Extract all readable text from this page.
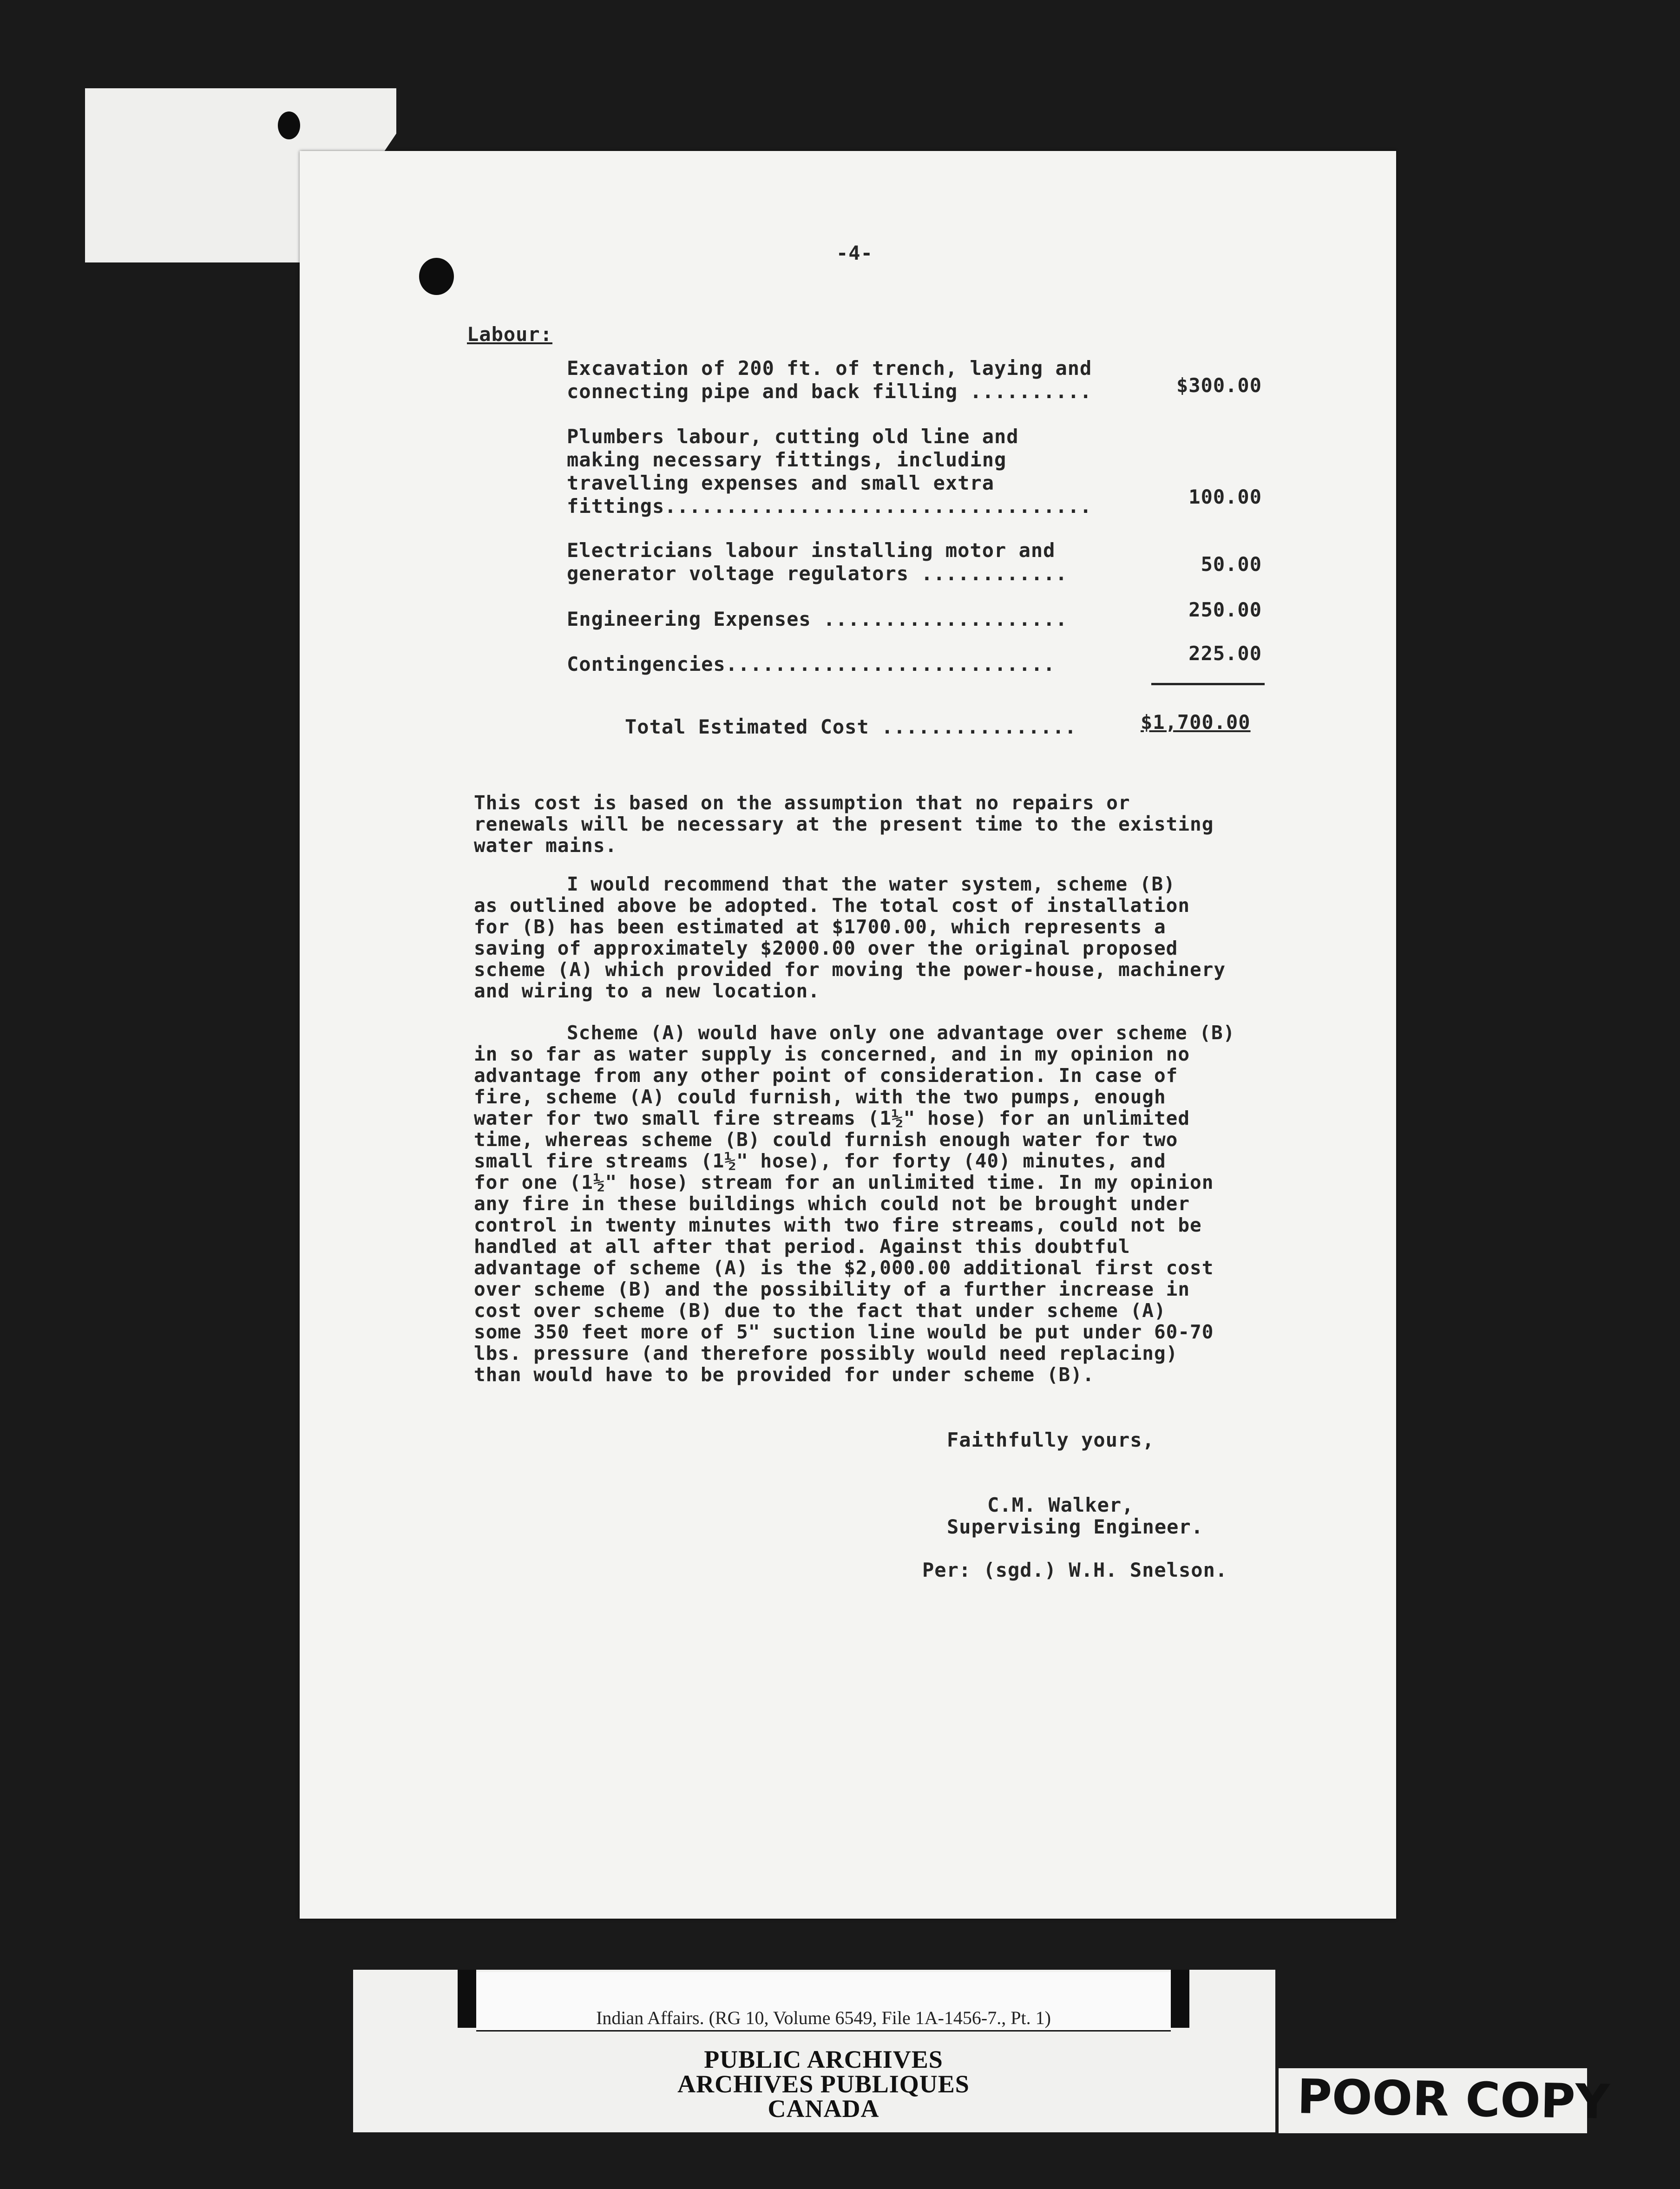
-4-
Labour:
Excavation of 200 ft. of trench, laying and
connecting pipe and back filling ..........	$300.00
Plumbers labour, cutting old line and
making necessary fittings, including
travelling expenses and small extra
fittings...................................	100.00
Electricians labour installing motor and
generator voltage regulators ............	50.00
Engineering Expenses ....................	250.00
Contingencies...........................	225.00
Total Estimated Cost ................	$1,700.00
This cost is based on the assumption that no repairs or
renewals will be necessary at the present time to the existing
water mains.
I would recommend that the water system, scheme (B)
as outlined above be adopted. The total cost of installation
for (B) has been estimated at $1700.00, which represents a
saving of approximately $2000.00 over the original proposed
scheme (A) which provided for moving the power-house, machinery
and wiring to a new location.
Scheme (A) would have only one advantage over scheme (B)
in so far as water supply is concerned, and in my opinion no
advantage from any other point of consideration. In case of
fire, scheme (A) could furnish, with the two pumps, enough
water for two small fire streams (1½" hose) for an unlimited
time, whereas scheme (B) could furnish enough water for two
small fire streams (1½" hose), for forty (40) minutes, and
for one (1½" hose) stream for an unlimited time. In my opinion
any fire in these buildings which could not be brought under
control in twenty minutes with two fire streams, could not be
handled at all after that period. Against this doubtful
advantage of scheme (A) is the $2,000.00 additional first cost
over scheme (B) and the possibility of a further increase in
cost over scheme (B) due to the fact that under scheme (A)
some 350 feet more of 5" suction line would be put under 60-70
lbs. pressure (and therefore possibly would need replacing)
than would have to be provided for under scheme (B).
Faithfully yours,
C.M. Walker,
Supervising Engineer.
Per: (sgd.) W.H. Snelson.
Indian Affairs. (RG 10, Volume 6549, File 1A-1456-7., Pt. 1)
PUBLIC ARCHIVES
ARCHIVES PUBLIQUES
CANADA	POOR COPY
